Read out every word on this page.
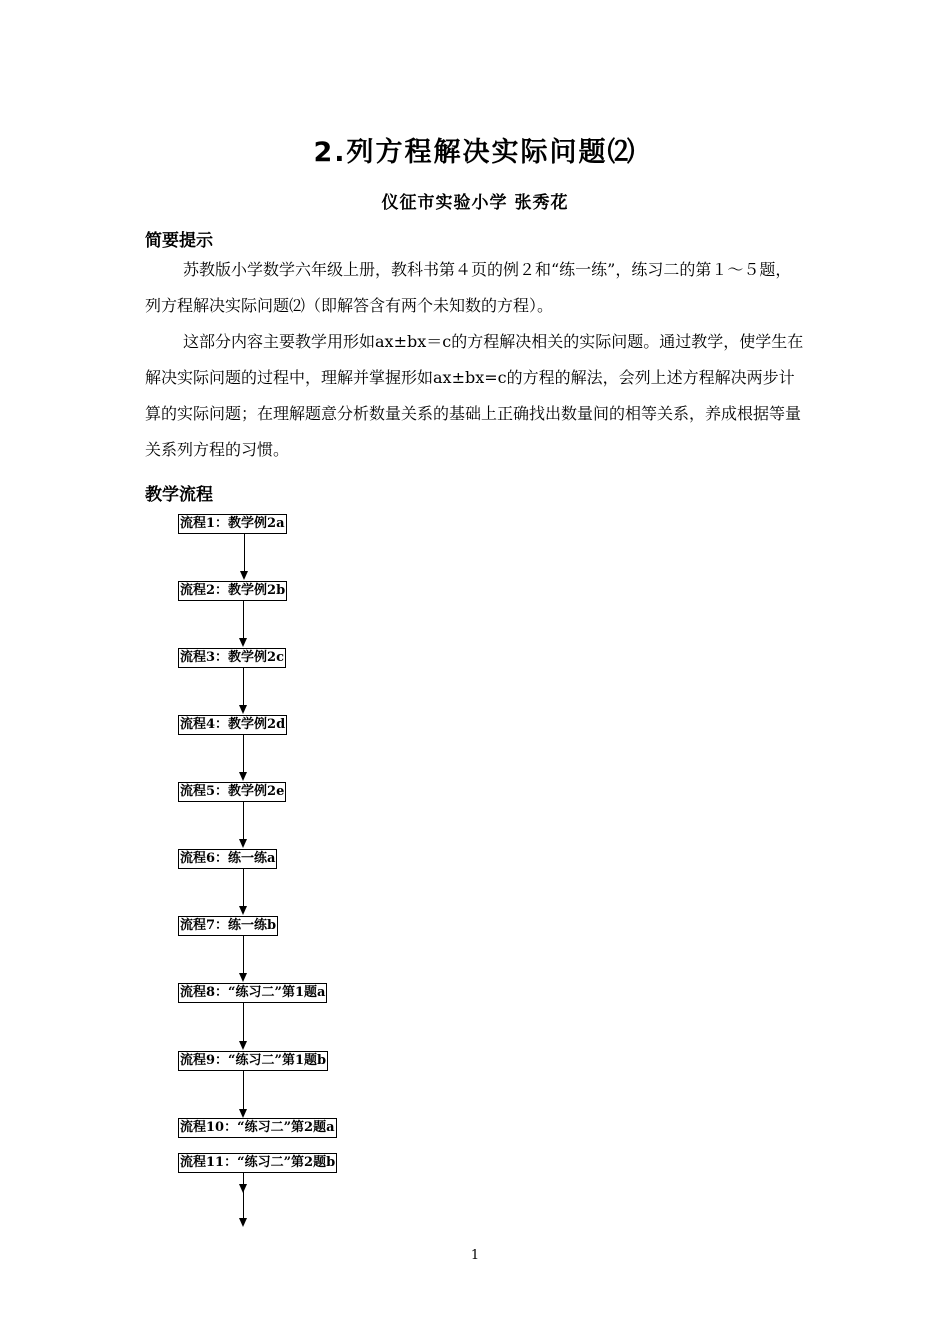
2.列方程解决实际问题⑵
仪征市实验小学 张秀花
简要提示

苏教版小学数学六年级上册，教科书第４页的例２和“练一练”，练习二的第１～５题，列方程解决实际问题⑵（即解答含有两个未知数的方程）。

这部分内容主要教学用形如ax±bx＝c的方程解决相关的实际问题。通过教学，使学生在解决实际问题的过程中，理解并掌握形如ax±bx=c的方程的解法，会列上述方程解决两步计算的实际问题；在理解题意分析数量关系的基础上正确找出数量间的相等关系，养成根据等量关系列方程的习惯。

教学流程
流程1：教学例2a
流程2：教学例2b
流程3：教学例2c
流程4：教学例2d
流程5：教学例2e
流程6：练一练a
流程7：练一练b
流程8：“练习二”第1题a
流程9：“练习二”第1题b
流程10：“练习二”第2题a
流程11：“练习二”第2题b
1
